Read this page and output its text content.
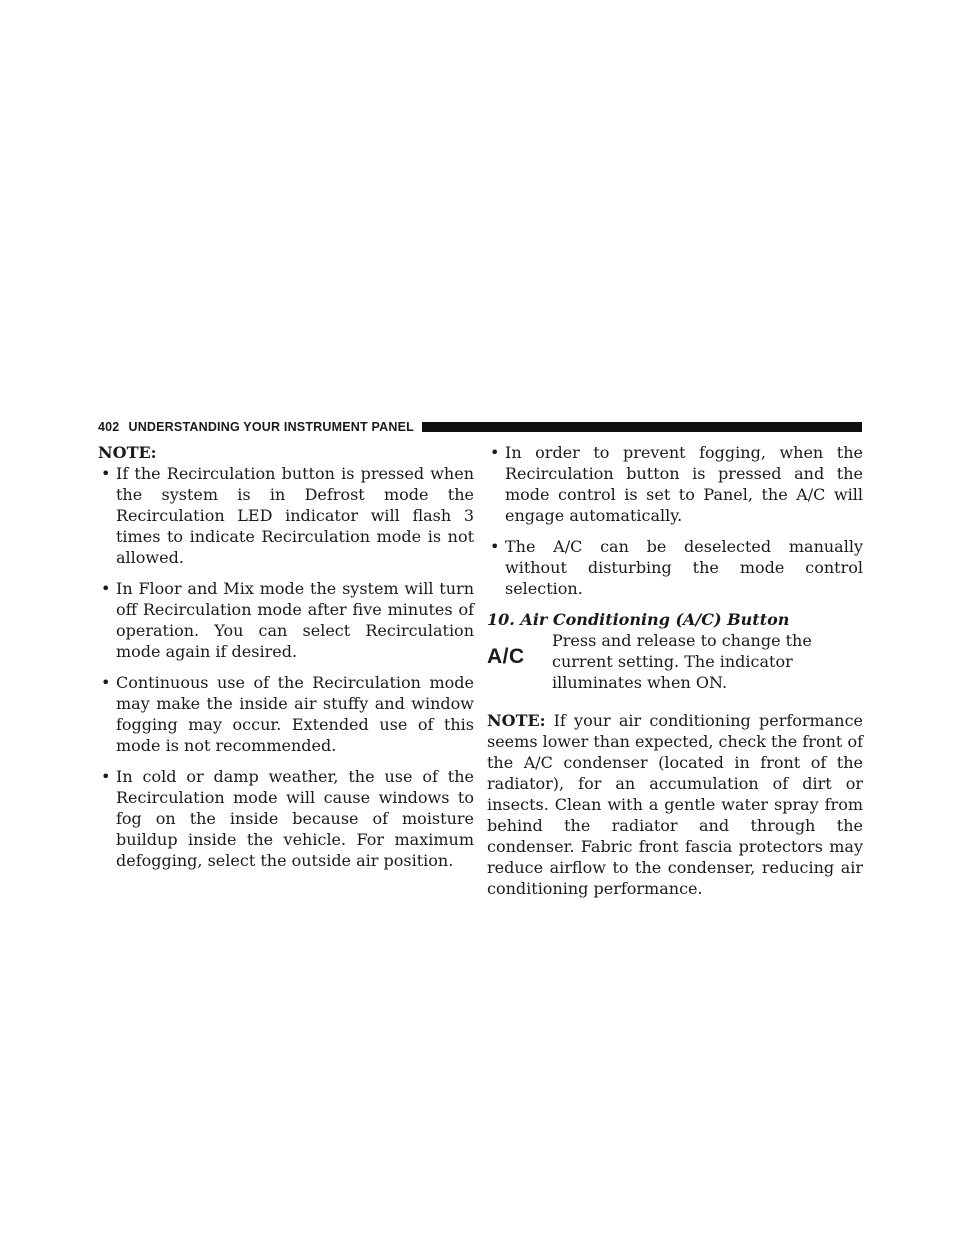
402 UNDERSTANDING YOUR INSTRUMENT PANEL
NOTE:
• If the Recirculation button is pressed when the system is in Defrost mode the Recirculation LED indicator will flash 3 times to indicate Recirculation mode is not allowed.
• In Floor and Mix mode the system will turn off Recirculation mode after five minutes of operation. You can select Recirculation mode again if desired.
• Continuous use of the Recirculation mode may make the inside air stuffy and window fogging may occur. Extended use of this mode is not recommended.
• In cold or damp weather, the use of the Recirculation mode will cause windows to fog on the inside because of moisture buildup inside the vehicle. For maximum defogging, select the outside air position.
• In order to prevent fogging, when the Recirculation button is pressed and the mode control is set to Panel, the A/C will engage automatically.
• The A/C can be deselected manually without disturbing the mode control selection.
10. Air Conditioning (A/C) Button
A/C
Press and release to change the current setting. The indicator illuminates when ON.
NOTE: If your air conditioning performance seems lower than expected, check the front of the A/C condenser (located in front of the radiator), for an accumulation of dirt or insects. Clean with a gentle water spray from behind the radiator and through the condenser. Fabric front fascia protectors may reduce airflow to the condenser, reducing air conditioning performance.
